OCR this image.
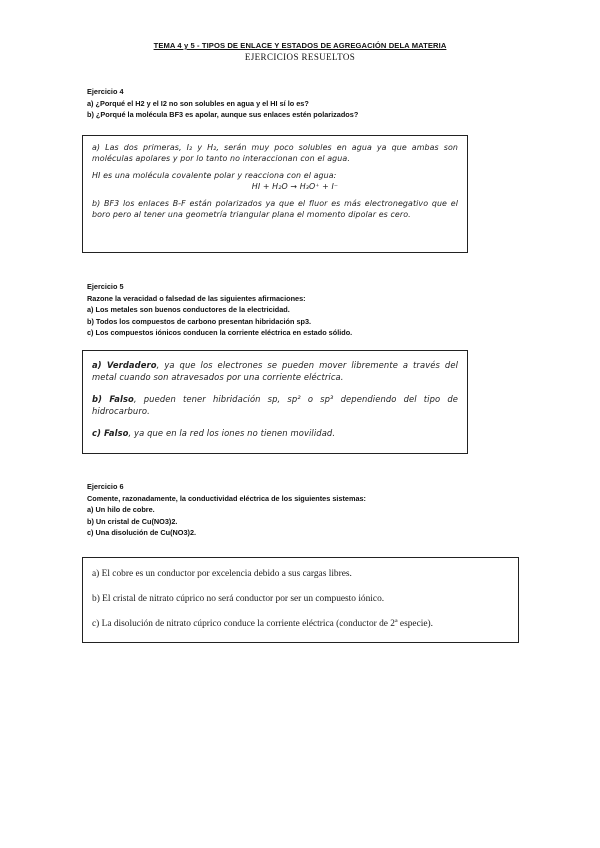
TEMA 4 y 5 - TIPOS DE ENLACE Y ESTADOS DE AGREGACIÓN DELA MATERIA
EJERCICIOS RESUELTOS
Ejercicio 4
a) ¿Porqué el H2 y el I2 no son solubles en agua y el HI sí lo es?
b) ¿Porqué la molécula BF3 es apolar, aunque sus enlaces estén polarizados?

a) Las dos primeras, I₂ y H₂, serán muy poco solubles en agua ya que ambas son moléculas apolares y por lo tanto no interaccionan con el agua.

HI es una molécula covalente polar y reacciona con el agua:

HI + H₂O → H₃O⁺ + I⁻

b) BF3 los enlaces B-F están polarizados ya que el fluor es más electronegativo que el boro pero al tener una geometría triangular plana el momento dipolar es cero.

Ejercicio 5
Razone la veracidad o falsedad de las siguientes afirmaciones:
a) Los metales son buenos conductores de la electricidad.
b) Todos los compuestos de carbono presentan hibridación sp3.
c) Los compuestos iónicos conducen la corriente eléctrica en estado sólido.

a) Verdadero, ya que los electrones se pueden mover libremente a través del metal cuando son atravesados por una corriente eléctrica.

b) Falso, pueden tener hibridación sp, sp² o sp³ dependiendo del tipo de hidrocarburo.

c) Falso, ya que en la red los iones no tienen movilidad.

Ejercicio 6
Comente, razonadamente, la conductividad eléctrica de los siguientes sistemas:
a) Un hilo de cobre.
b) Un cristal de Cu(NO3)2.
c) Una disolución de Cu(NO3)2.

a) El cobre es un conductor por excelencia debido a sus cargas libres.

b) El cristal de nitrato cúprico no será conductor por ser un compuesto iónico.

c) La disolución de nitrato cúprico conduce la corriente eléctrica (conductor de 2ª especie).
